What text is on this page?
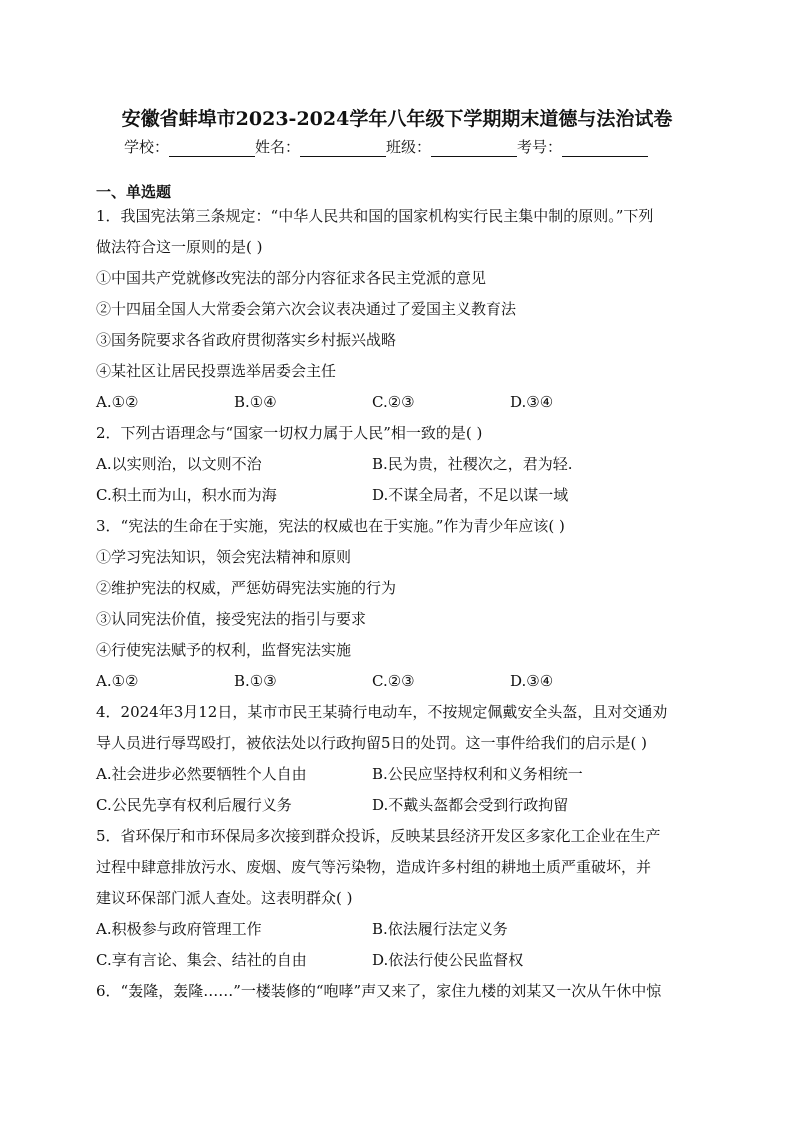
安徽省蚌埠市2023-2024学年八年级下学期期末道德与法治试卷
学校：	姓名：	班级：	考号：
一、单选题
1．我国宪法第三条规定：“中华人民共和国的国家机构实行民主集中制的原则。”下列
做法符合这一原则的是( )
①中国共产党就修改宪法的部分内容征求各民主党派的意见
②十四届全国人大常委会第六次会议表决通过了爱国主义教育法
③国务院要求各省政府贯彻落实乡村振兴战略
④某社区让居民投票选举居委会主任
A.①②	B.①④	C.②③	D.③④
2．下列古语理念与“国家一切权力属于人民”相一致的是( )
A.以实则治，以文则不治	B.民为贵，社稷次之，君为轻.
C.积土而为山，积水而为海	D.不谋全局者，不足以谋一域
3．“宪法的生命在于实施，宪法的权威也在于实施。”作为青少年应该( )
①学习宪法知识，领会宪法精神和原则
②维护宪法的权威，严惩妨碍宪法实施的行为
③认同宪法价值，接受宪法的指引与要求
④行使宪法赋予的权利，监督宪法实施
A.①②	B.①③	C.②③	D.③④
4．2024年3月12日，某市市民王某骑行电动车，不按规定佩戴安全头盔，且对交通劝
导人员进行辱骂殴打，被依法处以行政拘留5日的处罚。这一事件给我们的启示是( )
A.社会进步必然要牺牲个人自由	B.公民应坚持权利和义务相统一
C.公民先享有权利后履行义务	D.不戴头盔都会受到行政拘留
5．省环保厅和市环保局多次接到群众投诉，反映某县经济开发区多家化工企业在生产
过程中肆意排放污水、废烟、废气等污染物，造成许多村组的耕地土质严重破坏，并
建议环保部门派人查处。这表明群众( )
A.积极参与政府管理工作	B.依法履行法定义务
C.享有言论、集会、结社的自由	D.依法行使公民监督权
6．“轰隆，轰隆……”一楼装修的“咆哮”声又来了，家住九楼的刘某又一次从午休中惊
